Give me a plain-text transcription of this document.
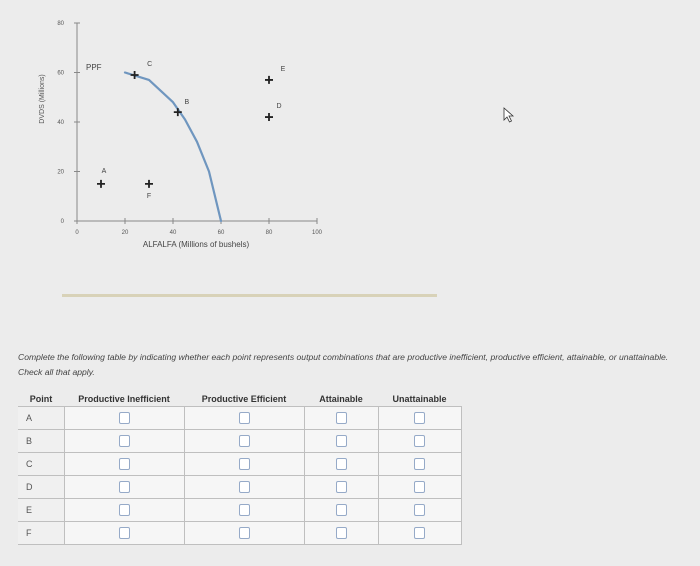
0	20	40	60	80	100
0
20
40
60
80
A
B
C
D
E
F
DVDS (Millions)
ALFALFA (Millions of bushels)
PPF
Complete the following table by indicating whether each point represents output combinations that are productive inefficient, productive efficient, attainable, or unattainable. Check all that apply.
Point	Productive Inefficient	Productive Efficient	Attainable	Unattainable
A				
B				
C				
D				
E				
F				
